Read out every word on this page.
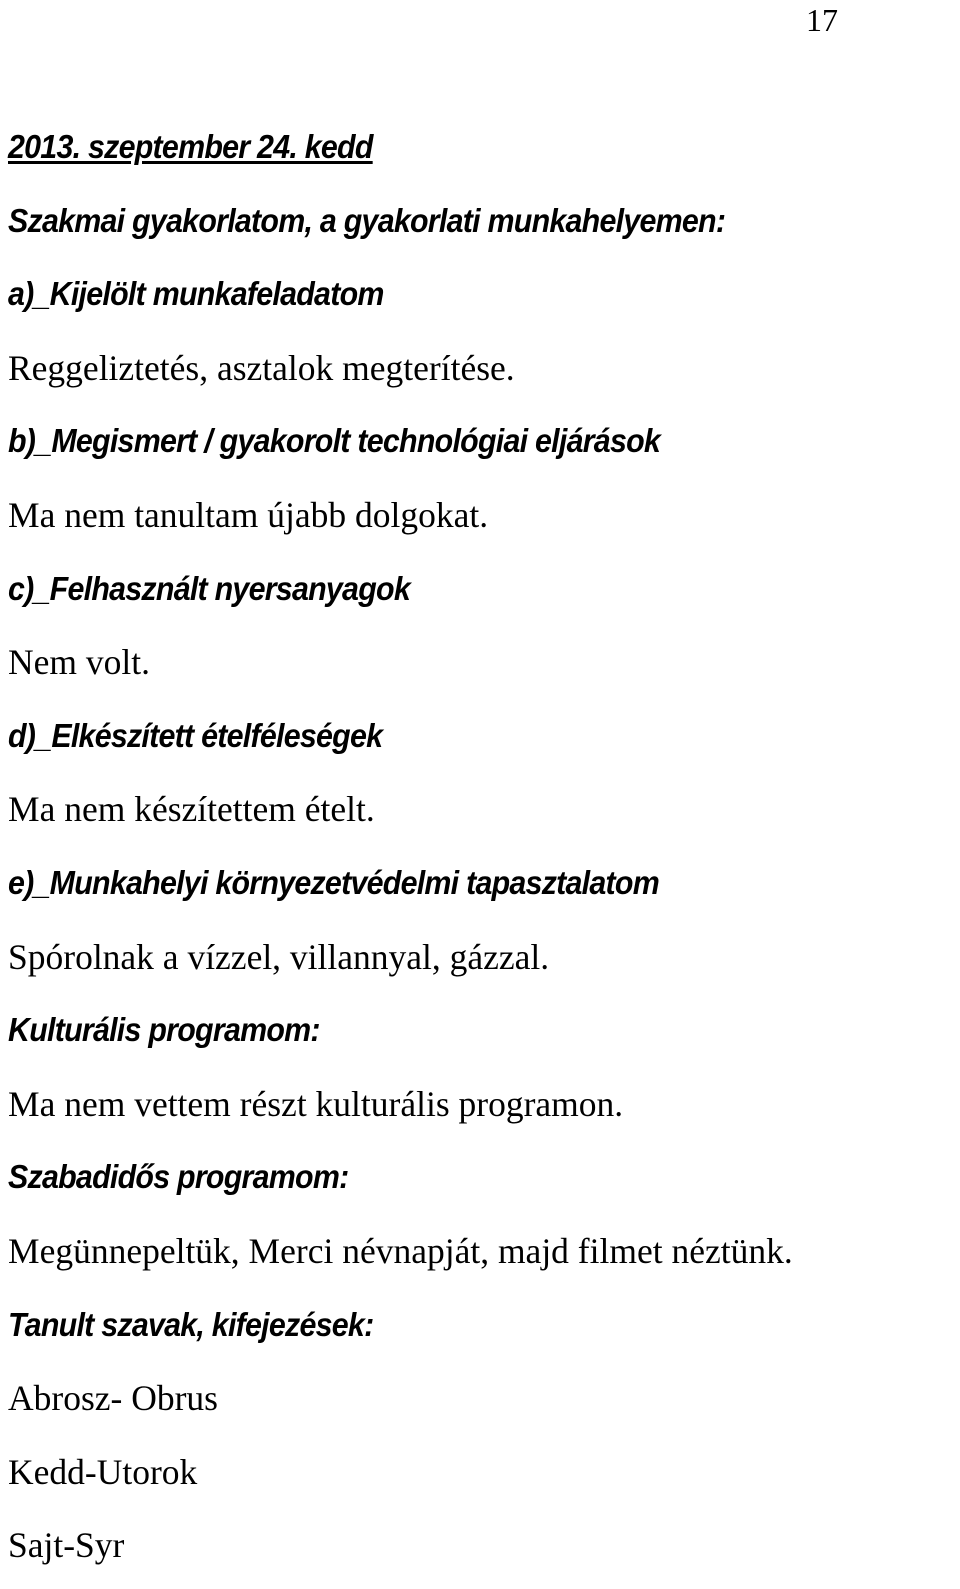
17
2013. szeptember 24. kedd
Szakmai gyakorlatom, a gyakorlati munkahelyemen:
a)_Kijelölt munkafeladatom
Reggeliztetés, asztalok megterítése.
b)_Megismert / gyakorolt technológiai eljárások
Ma nem tanultam újabb dolgokat.
c)_Felhasznált nyersanyagok
Nem volt.
d)_Elkészített ételféleségek
Ma nem készítettem ételt.
e)_Munkahelyi környezetvédelmi tapasztalatom
Spórolnak a vízzel, villannyal, gázzal.
Kulturális programom:
Ma nem vettem részt kulturális programon.
Szabadidős programom:
Megünnepeltük, Merci névnapját, majd filmet néztünk.
Tanult szavak, kifejezések:
Abrosz- Obrus
Kedd-Utorok
Sajt-Syr
